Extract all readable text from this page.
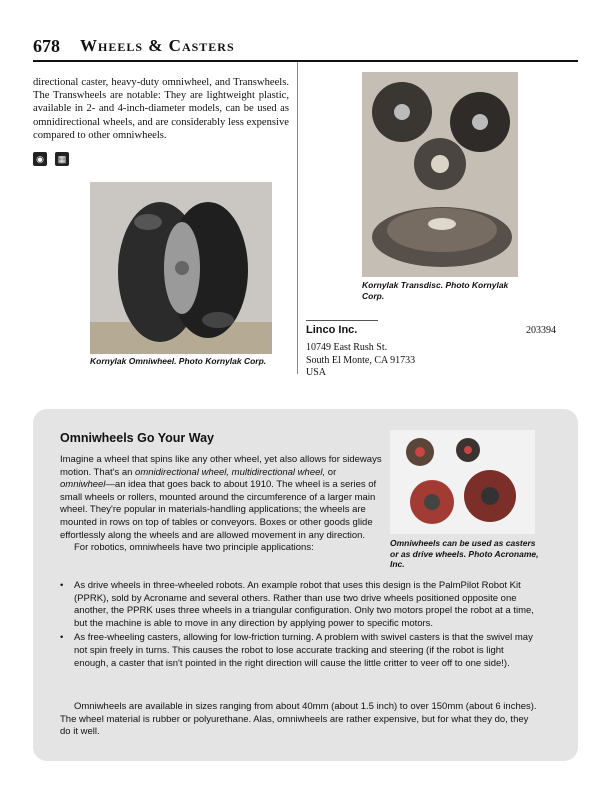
678 Wheels & Casters
directional caster, heavy-duty omniwheel, and Transwheels. The Transwheels are notable: They are lightweight plastic, available in 2- and 4-inch-diameter models, can be used as omnidirectional wheels, and are considerably less expensive compared to other omniwheels.
◉	▦
Kornylak Omniwheel. Photo Kornylak Corp.
Kornylak Transdisc. Photo Kornylak Corp.
Linco Inc.	203394
10749 East Rush St.
South El Monte, CA 91733
USA
Omniwheels Go Your Way

Imagine a wheel that spins like any other wheel, yet also allows for sideways motion. That's an omnidirectional wheel, multidirectional wheel, or omniwheel—an idea that goes back to about 1910. The wheel is a series of small wheels or rollers, mounted around the circumference of a larger main wheel. They're popular in materials-handling applications; the wheels are mounted in rows on top of tables or conveyors. Boxes or other goods glide effortlessly along the wheels and are allowed movement in any direction.

For robotics, omniwheels have two principle applications:	Omniwheels can be used as casters or as drive wheels. Photo Acroname, Inc.
• As drive wheels in three-wheeled robots. An example robot that uses this design is the PalmPilot Robot Kit (PPRK), sold by Acroname and several others. Rather than use two drive wheels positioned opposite one another, the PPRK uses three wheels in a triangular configuration. Only two motors propel the robot at a time, but the machine is able to move in any direction by applying power to specific motors.
• As free-wheeling casters, allowing for low-friction turning. A problem with swivel casters is that the swivel may not spin freely in turns. This causes the robot to lose accurate tracking and steering (if the robot is light enough, a caster that isn't pointed in the right direction will cause the little critter to veer off to one side!).
Omniwheels are available in sizes ranging from about 40mm (about 1.5 inch) to over 150mm (about 6 inches). The wheel material is rubber or polyurethane. Alas, omniwheels are rather expensive, but for what they do, they do it well.
